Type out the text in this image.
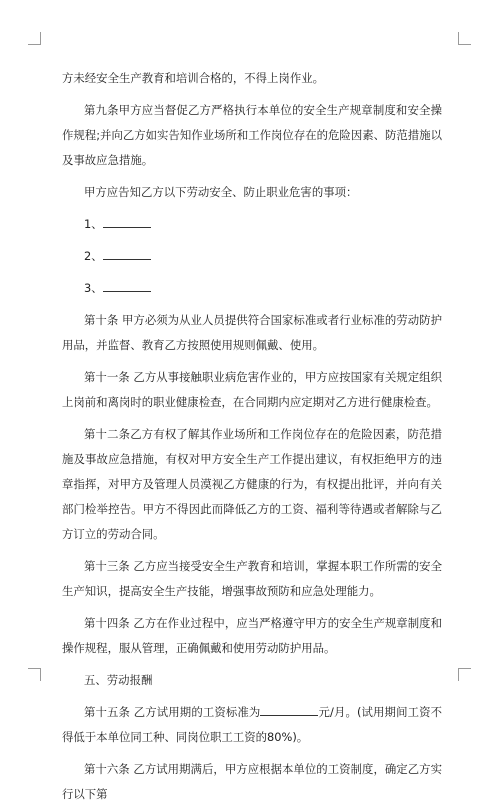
方未经安全生产教育和培训合格的，不得上岗作业。

第九条甲方应当督促乙方严格执行本单位的安全生产规章制度和安全操作规程;并向乙方如实告知作业场所和工作岗位存在的危险因素、防范措施以及事故应急措施。

甲方应告知乙方以下劳动安全、防止职业危害的事项：

1、

2、

3、

第十条 甲方必须为从业人员提供符合国家标准或者行业标准的劳动防护用品，并监督、教育乙方按照使用规则佩戴、使用。

第十一条 乙方从事接触职业病危害作业的，甲方应按国家有关规定组织上岗前和离岗时的职业健康检查，在合同期内应定期对乙方进行健康检查。

第十二条乙方有权了解其作业场所和工作岗位存在的危险因素，防范措施及事故应急措施，有权对甲方安全生产工作提出建议，有权拒绝甲方的违章指挥，对甲方及管理人员漠视乙方健康的行为，有权提出批评，并向有关部门检举控告。甲方不得因此而降低乙方的工资、福利等待遇或者解除与乙方订立的劳动合同。

第十三条 乙方应当接受安全生产教育和培训，掌握本职工作所需的安全生产知识，提高安全生产技能，增强事故预防和应急处理能力。

第十四条 乙方在作业过程中，应当严格遵守甲方的安全生产规章制度和操作规程，服从管理，正确佩戴和使用劳动防护用品。

五、劳动报酬

第十五条 乙方试用期的工资标准为	元/月。(试用期间工资不得低于本单位同工种、同岗位职工工资的80%)。

第十六条 乙方试用期满后，甲方应根据本单位的工资制度，确定乙方实行以下第
